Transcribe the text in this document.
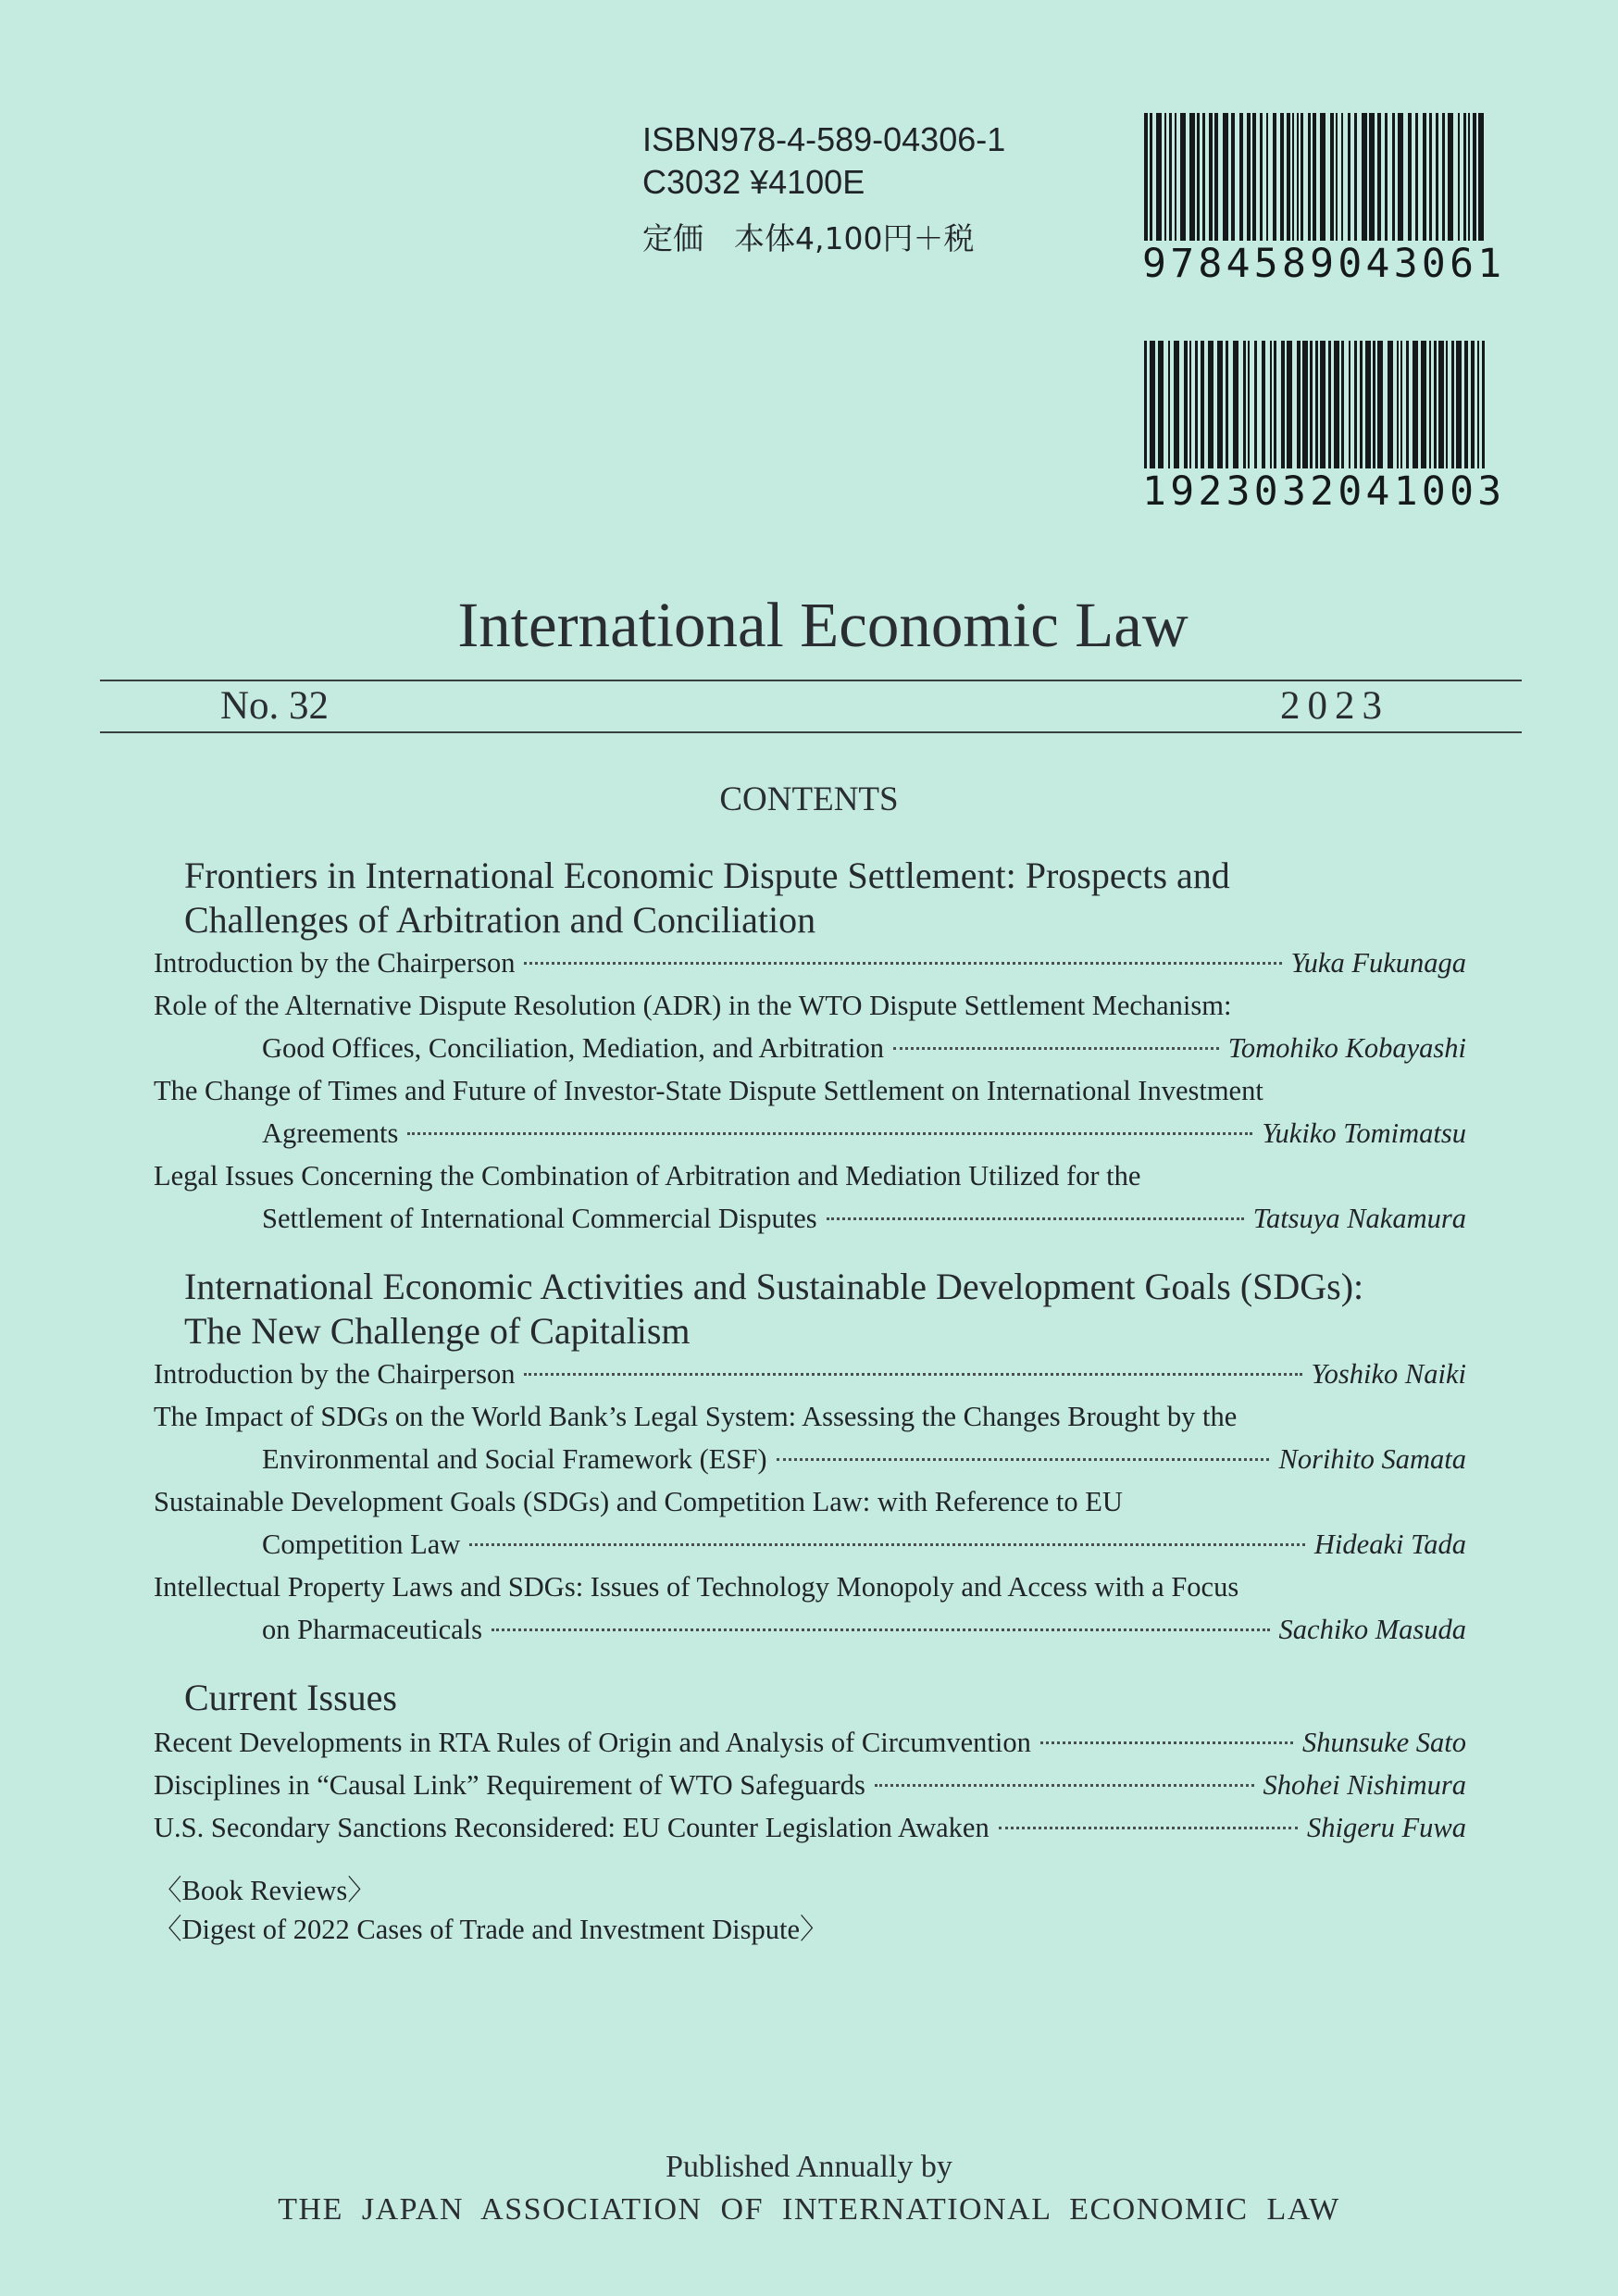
ISBN978-4-589-04306-1
C3032 ¥4100E
定価　本体4,100円＋税
9784589043061
1923032041003
International Economic Law
No. 32	2023
CONTENTS
Frontiers in International Economic Dispute Settlement: Prospects and
Challenges of Arbitration and Conciliation
Introduction by the Chairperson	Yuka Fukunaga
Role of the Alternative Dispute Resolution (ADR) in the WTO Dispute Settlement Mechanism:
Good Offices, Conciliation, Mediation, and Arbitration	Tomohiko Kobayashi
The Change of Times and Future of Investor-State Dispute Settlement on International Investment
Agreements	Yukiko Tomimatsu
Legal Issues Concerning the Combination of Arbitration and Mediation Utilized for the
Settlement of International Commercial Disputes	Tatsuya Nakamura
International Economic Activities and Sustainable Development Goals (SDGs):
The New Challenge of Capitalism
Introduction by the Chairperson	Yoshiko Naiki
The Impact of SDGs on the World Bank’s Legal System: Assessing the Changes Brought by the
Environmental and Social Framework (ESF)	Norihito Samata
Sustainable Development Goals (SDGs) and Competition Law: with Reference to EU
Competition Law	Hideaki Tada
Intellectual Property Laws and SDGs: Issues of Technology Monopoly and Access with a Focus
on Pharmaceuticals	Sachiko Masuda
Current Issues
Recent Developments in RTA Rules of Origin and Analysis of Circumvention	Shunsuke Sato
Disciplines in “Causal Link” Requirement of WTO Safeguards	Shohei Nishimura
U.S. Secondary Sanctions Reconsidered: EU Counter Legislation Awaken	Shigeru Fuwa
〈Book Reviews〉
〈Digest of 2022 Cases of Trade and Investment Dispute〉
Published Annually by
THE JAPAN ASSOCIATION OF INTERNATIONAL ECONOMIC LAW
